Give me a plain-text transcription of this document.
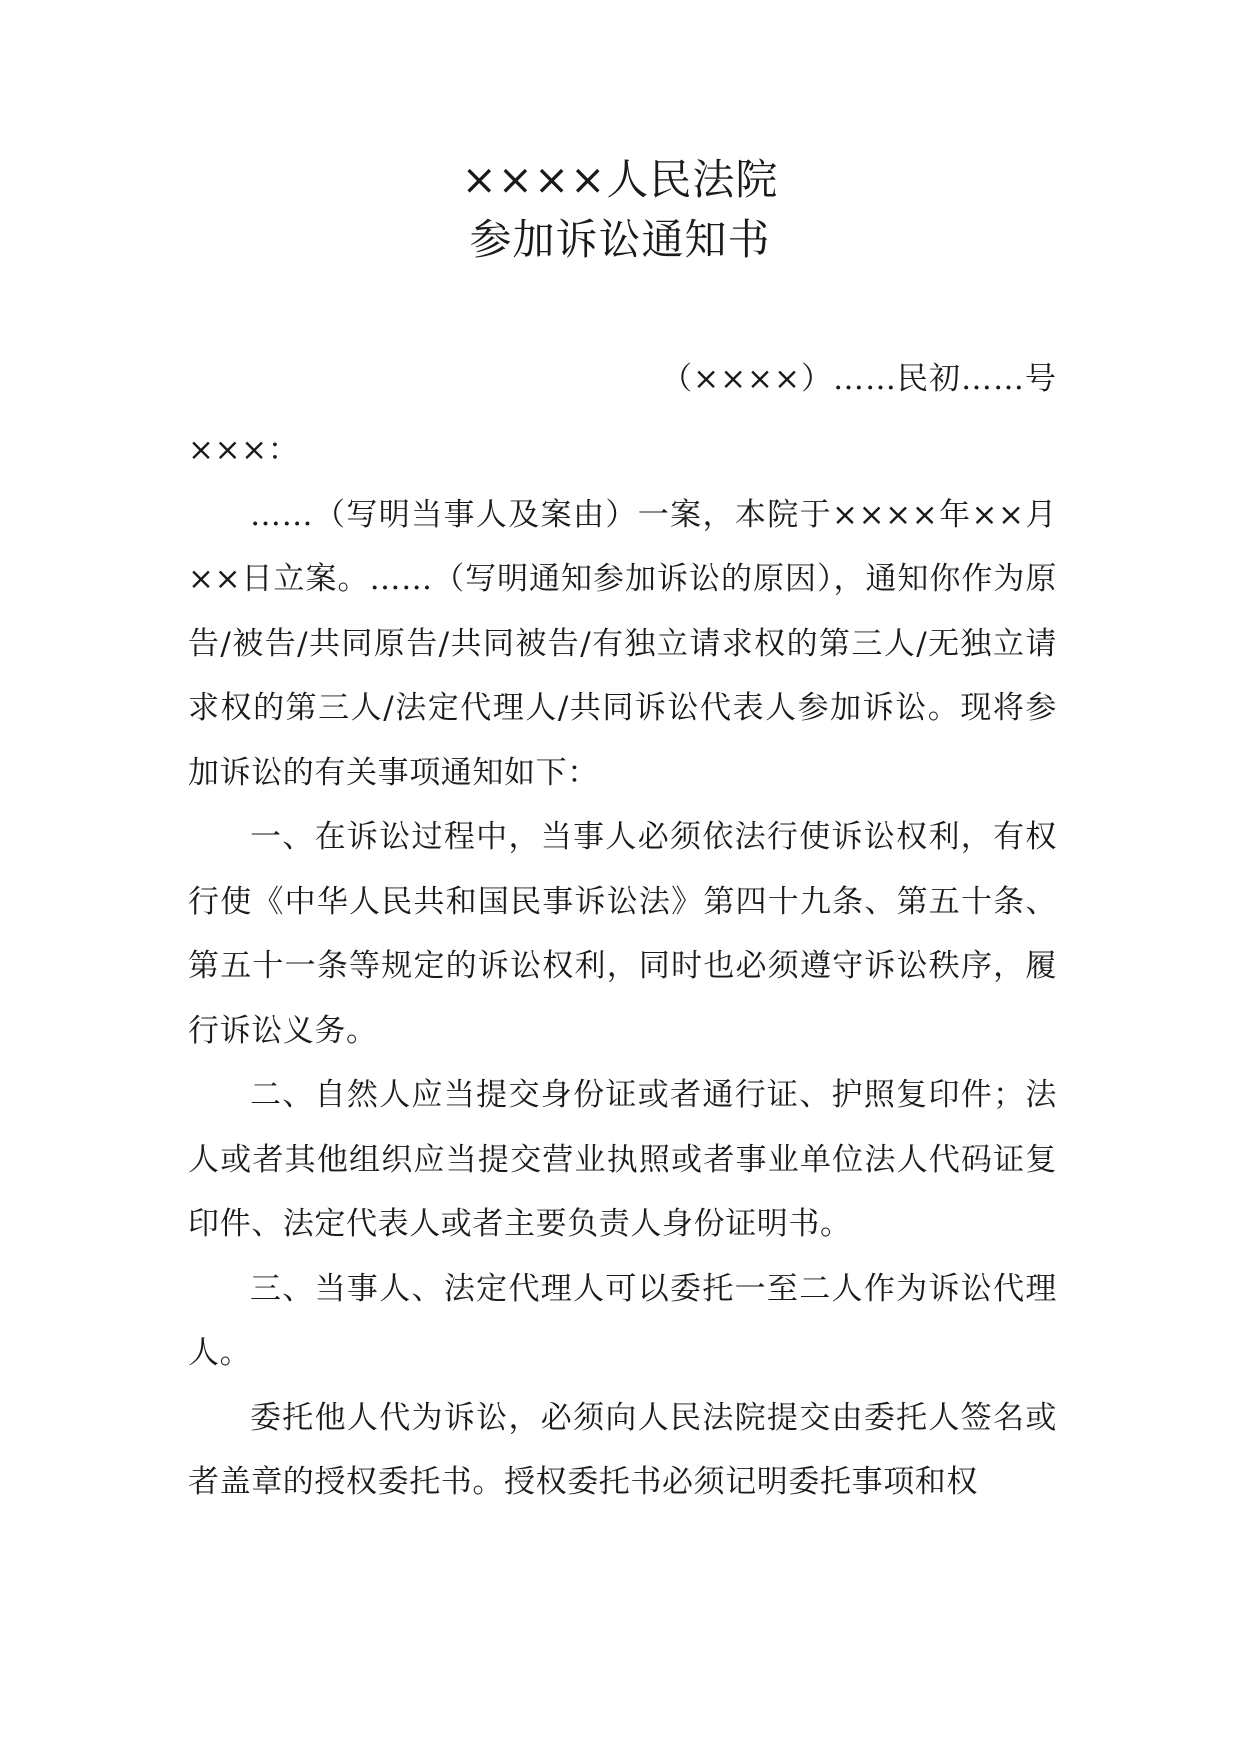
××××人民法院
参加诉讼通知书
（××××）……民初……号

×××：

……（写明当事人及案由）一案，本院于××××年××月××日立案。……（写明通知参加诉讼的原因），通知你作为原告/被告/共同原告/共同被告/有独立请求权的第三人/无独立请求权的第三人/法定代理人/共同诉讼代表人参加诉讼。现将参加诉讼的有关事项通知如下：

一、在诉讼过程中，当事人必须依法行使诉讼权利，有权行使《中华人民共和国民事诉讼法》第四十九条、第五十条、第五十一条等规定的诉讼权利，同时也必须遵守诉讼秩序，履行诉讼义务。

二、自然人应当提交身份证或者通行证、护照复印件；法人或者其他组织应当提交营业执照或者事业单位法人代码证复印件、法定代表人或者主要负责人身份证明书。

三、当事人、法定代理人可以委托一至二人作为诉讼代理人。

委托他人代为诉讼，必须向人民法院提交由委托人签名或者盖章的授权委托书。授权委托书必须记明委托事项和权
